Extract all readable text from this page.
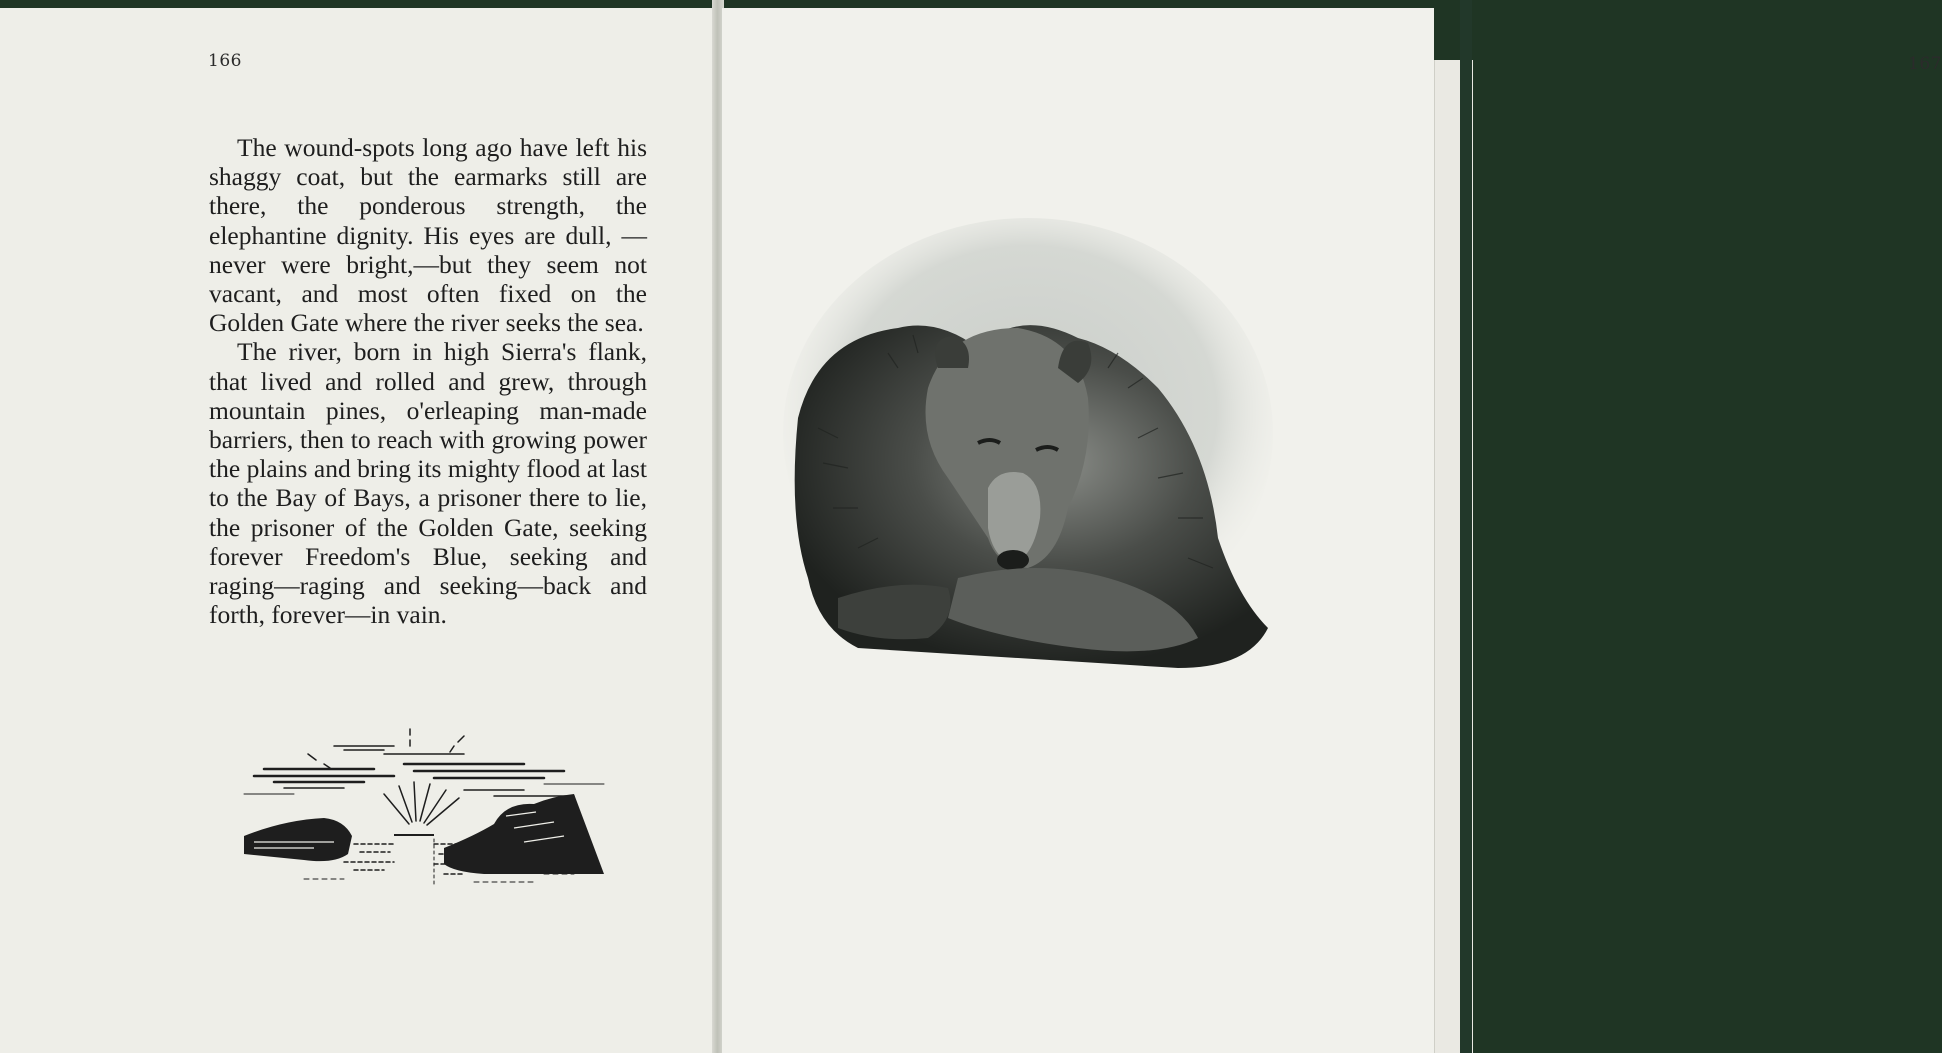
166

The wound-spots long ago have left his shaggy coat, but the earmarks still are there, the ponderous strength, the elephantine dignity. His eyes are dull, —never were bright,—but they seem not vacant, and most often fixed on the Golden Gate where the river seeks the sea.

The river, born in high Sierra's flank, that lived and rolled and grew, through mountain pines, o'erleaping man-made barriers, then to reach with growing power the plains and bring its mighty flood at last to the Bay of Bays, a prisoner there to lie, the prisoner of the Golden Gate, seeking forever Freedom's Blue, seeking and raging—raging and seeking—back and forth, forever—in vain.

167
